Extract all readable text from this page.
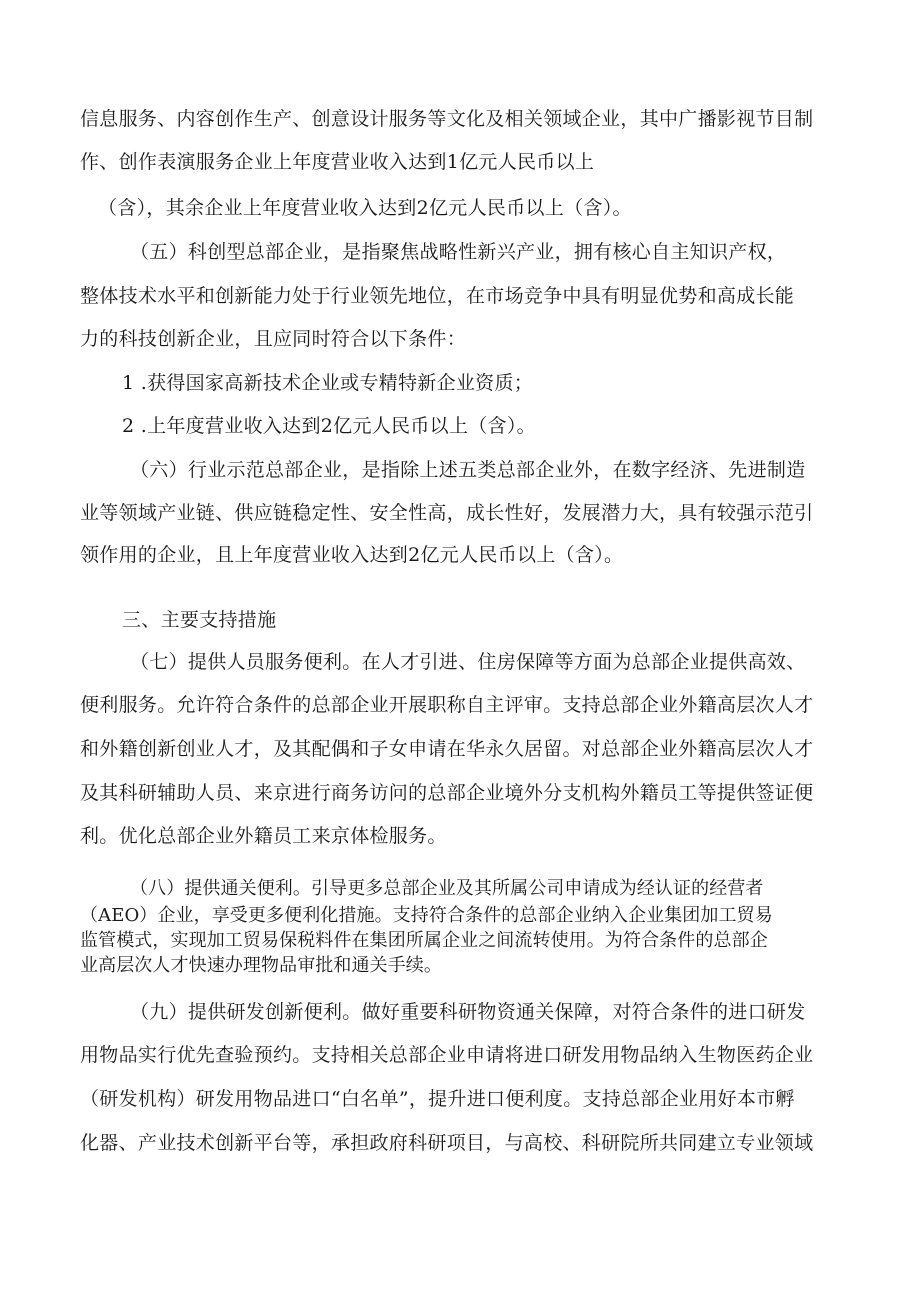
信息服务、内容创作生产、创意设计服务等文化及相关领域企业，其中广播影视节目制
作、创作表演服务企业上年度营业收入达到1亿元人民币以上
（含），其余企业上年度营业收入达到2亿元人民币以上（含）。
（五）科创型总部企业，是指聚焦战略性新兴产业，拥有核心自主知识产权，
整体技术水平和创新能力处于行业领先地位，在市场竞争中具有明显优势和高成长能
力的科技创新企业，且应同时符合以下条件：
1 .获得国家高新技术企业或专精特新企业资质；
2 .上年度营业收入达到2亿元人民币以上（含）。
（六）行业示范总部企业，是指除上述五类总部企业外，在数字经济、先进制造
业等领域产业链、供应链稳定性、安全性高，成长性好，发展潜力大，具有较强示范引
领作用的企业，且上年度营业收入达到2亿元人民币以上（含）。
三、主要支持措施
（七）提供人员服务便利。在人才引进、住房保障等方面为总部企业提供高效、
便利服务。允许符合条件的总部企业开展职称自主评审。支持总部企业外籍高层次人才
和外籍创新创业人才，及其配偶和子女申请在华永久居留。对总部企业外籍高层次人才
及其科研辅助人员、来京进行商务访问的总部企业境外分支机构外籍员工等提供签证便
利。优化总部企业外籍员工来京体检服务。
（八）提供通关便利。引导更多总部企业及其所属公司申请成为经认证的经营者
（AEO）企业，享受更多便利化措施。支持符合条件的总部企业纳入企业集团加工贸易
监管模式，实现加工贸易保税料件在集团所属企业之间流转使用。为符合条件的总部企
业高层次人才快速办理物品审批和通关手续。
（九）提供研发创新便利。做好重要科研物资通关保障，对符合条件的进口研发
用物品实行优先查验预约。支持相关总部企业申请将进口研发用物品纳入生物医药企业
（研发机构）研发用物品进口“白名单”，提升进口便利度。支持总部企业用好本市孵
化器、产业技术创新平台等，承担政府科研项目，与高校、科研院所共同建立专业领域
